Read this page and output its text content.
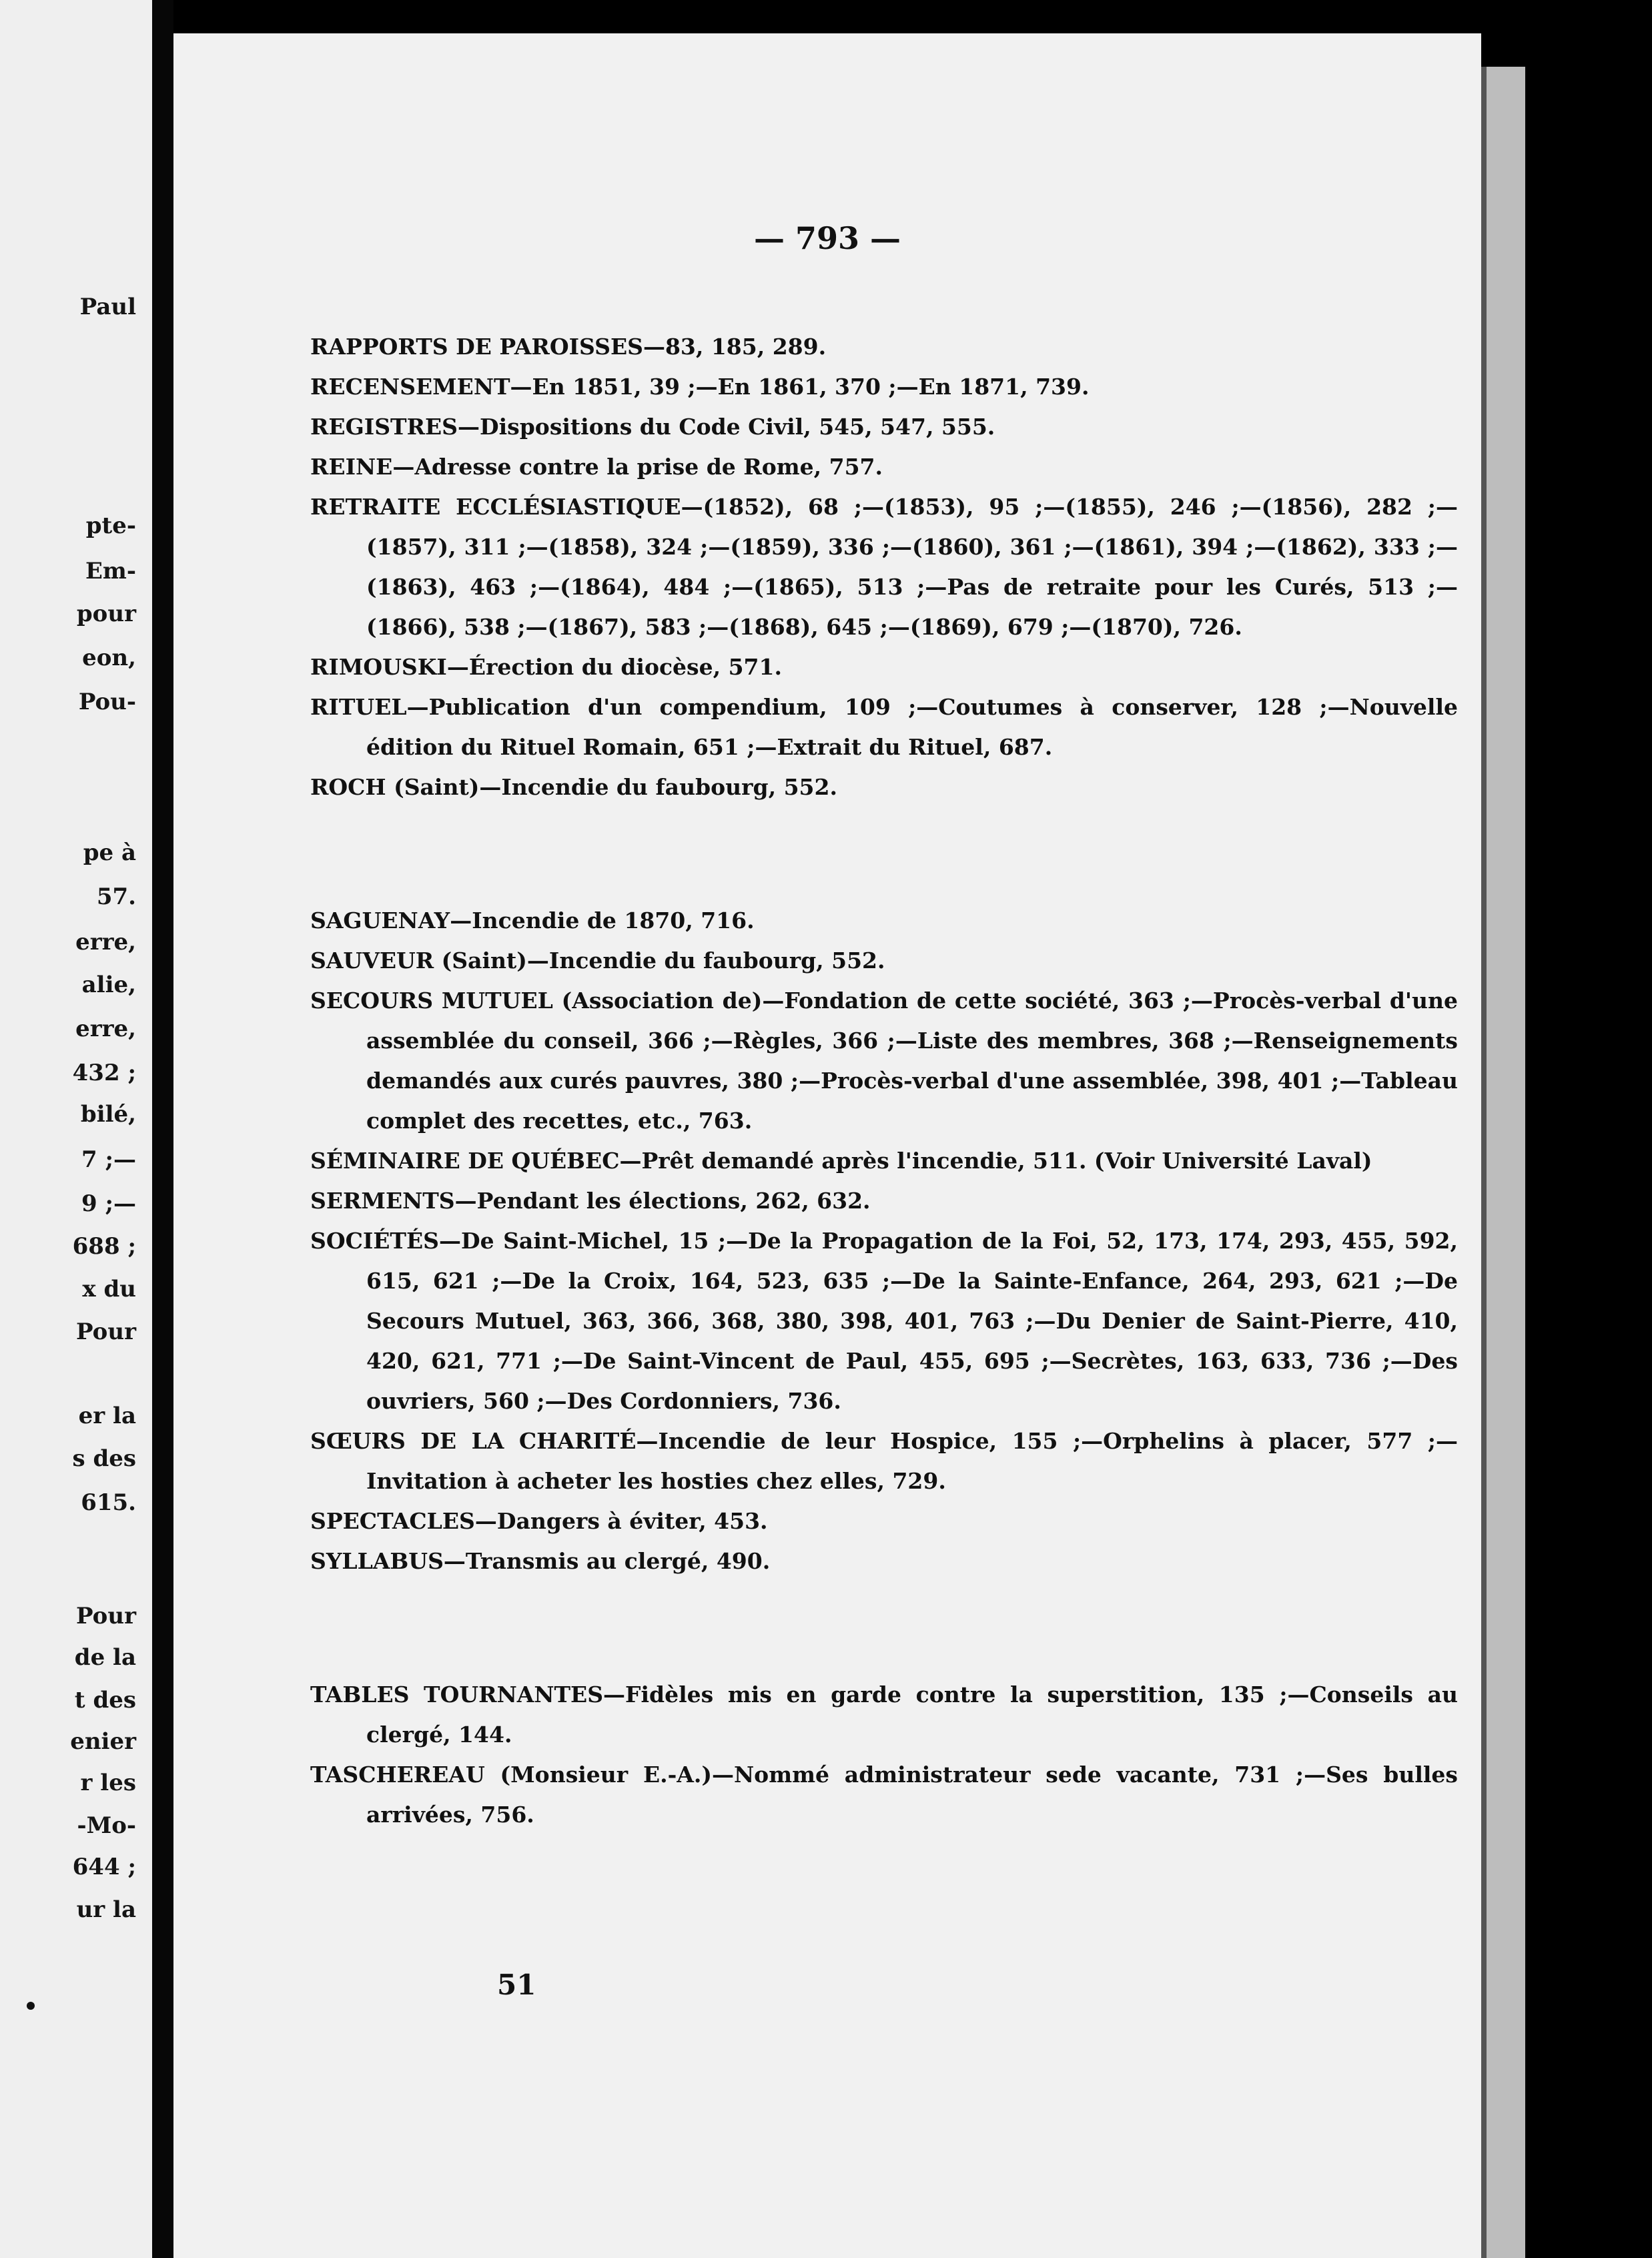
Paul
pte-
Em-
pour
eon,
Pou-
pe à
57.
erre,
alie,
erre,
432 ;
bilé,
7 ;—
9 ;—
688 ;
x du
Pour
er la
s des
615.
Pour
de la
t des
enier
r les
-Mo-
644 ;
ur la
— 793 —
RAPPORTS DE PAROISSES—83, 185, 289.
RECENSEMENT—En 1851, 39 ;—En 1861, 370 ;—En 1871, 739.
REGISTRES—Dispositions du Code Civil, 545, 547, 555.
REINE—Adresse contre la prise de Rome, 757.
RETRAITE ECCLÉSIASTIQUE—(1852), 68 ;—(1853), 95 ;—(1855), 246 ;—(1856), 282 ;—(1857), 311 ;—(1858), 324 ;—(1859), 336 ;—(1860), 361 ;—(1861), 394 ;—(1862), 333 ;—(1863), 463 ;—(1864), 484 ;—(1865), 513 ;—Pas de retraite pour les Curés, 513 ;—(1866), 538 ;—(1867), 583 ;—(1868), 645 ;—(1869), 679 ;—(1870), 726.
RIMOUSKI—Érection du diocèse, 571.
RITUEL—Publication d'un compendium, 109 ;—Coutumes à conserver, 128 ;—Nouvelle édition du Rituel Romain, 651 ;—Extrait du Rituel, 687.
ROCH (Saint)—Incendie du faubourg, 552.
SAGUENAY—Incendie de 1870, 716.
SAUVEUR (Saint)—Incendie du faubourg, 552.
SECOURS MUTUEL (Association de)—Fondation de cette société, 363 ;—Procès-verbal d'une assemblée du conseil, 366 ;—Règles, 366 ;—Liste des membres, 368 ;—Renseignements demandés aux curés pauvres, 380 ;—Procès-verbal d'une assemblée, 398, 401 ;—Tableau complet des recettes, etc., 763.
SÉMINAIRE DE QUÉBEC—Prêt demandé après l'incendie, 511. (Voir Université Laval)
SERMENTS—Pendant les élections, 262, 632.
SOCIÉTÉS—De Saint-Michel, 15 ;—De la Propagation de la Foi, 52, 173, 174, 293, 455, 592, 615, 621 ;—De la Croix, 164, 523, 635 ;—De la Sainte-Enfance, 264, 293, 621 ;—De Secours Mutuel, 363, 366, 368, 380, 398, 401, 763 ;—Du Denier de Saint-Pierre, 410, 420, 621, 771 ;—De Saint-Vincent de Paul, 455, 695 ;—Secrètes, 163, 633, 736 ;—Des ouvriers, 560 ;—Des Cordonniers, 736.
SŒURS DE LA CHARITÉ—Incendie de leur Hospice, 155 ;—Orphelins à placer, 577 ;—Invitation à acheter les hosties chez elles, 729.
SPECTACLES—Dangers à éviter, 453.
SYLLABUS—Transmis au clergé, 490.
TABLES TOURNANTES—Fidèles mis en garde contre la superstition, 135 ;—Conseils au clergé, 144.
TASCHEREAU (Monsieur E.-A.)—Nommé administrateur sede vacante, 731 ;—Ses bulles arrivées, 756.
51
